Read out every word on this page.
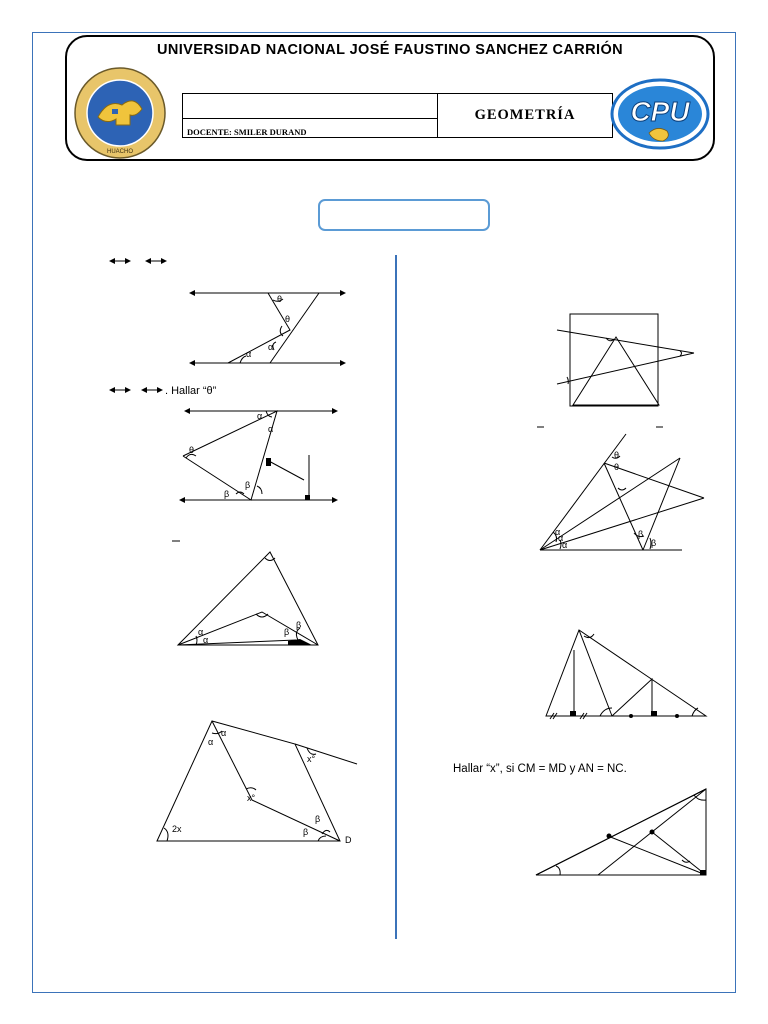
UNIVERSIDAD NACIONAL JOSÉ FAUSTINO SANCHEZ CARRIÓN
HUACHO
	GEOMETRÍA
DOCENTE: SMILER DURAND
CPU
. Hallar “θ”
Hallar “x”, si CM = MD y AN = NC.
θ
θ
α
α
α
α
θ
β
β
α
α
β
β
α
α
x°
x°
β
β
2x
D
θ
θ
α
α
α
β
β
